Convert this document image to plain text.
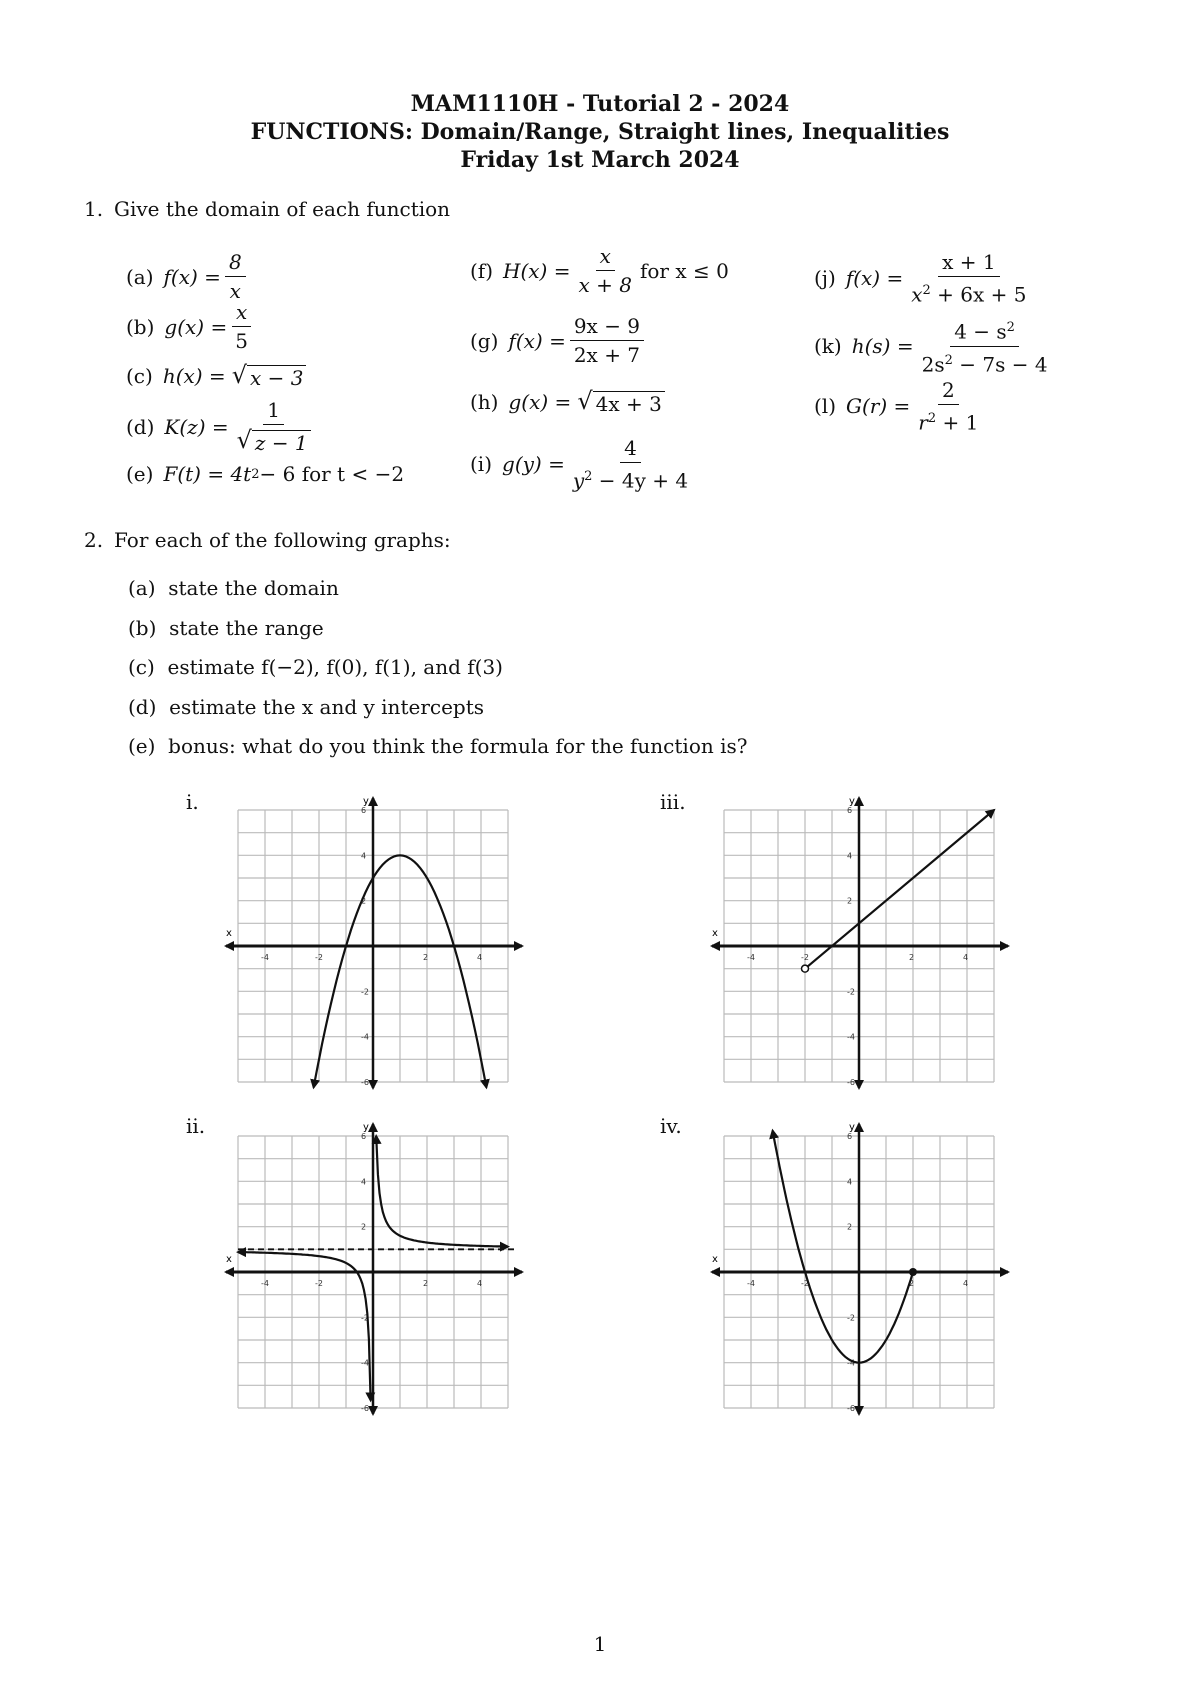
MAM1110H - Tutorial 2 - 2024
FUNCTIONS: Domain/Range, Straight lines, Inequalities
Friday 1st March 2024
1. Give the domain of each function
(a) $f(x) = \frac{8}{x}$
(b) $g(x) = \frac{x}{5}$
(c) h(x) = √ x − 3
(d) $K(z) = \frac{1}{√ z - 1}$
(e) F(t) = 4t 2 − 6 for t < −2
(f) $H(x) = \frac{x}{x + 8}$ for x ≤ 0
(g) $f(x) = \frac{9x - 9}{2x + 7}$
(h) g(x) = √ 4x + 3
(i) $g(y) = \frac{4}{y^2 - 4y + 4}$
(j) $f(x) = \frac{x + 1}{x^2 + 6x + 5}$
(k) $h(s) = \frac{4 - s^2}{2s^2 - 7s - 4}$
(l) $G(r) = \frac{2}{r^2 + 1}$
2. For each of the following graphs:
(a) state the domain
(b) state the range
(c) estimate f(−2), f(0), f(1), and f(3)
(d) estimate the x and y intercepts
(e) bonus: what do you think the formula for the function is?
i.	iii.
ii.	iv.
x
y
-4	-2	2	4
6
4
2
-2
-4
-6
x
y
-4	-2	2	4
6
4
2
-2
-4
-6
x
y
-4	-2	2	4
6
4
2
-2
-4
-6
x
y
-4	-2	2	4
6
4
2
-2
-4
-6
1
